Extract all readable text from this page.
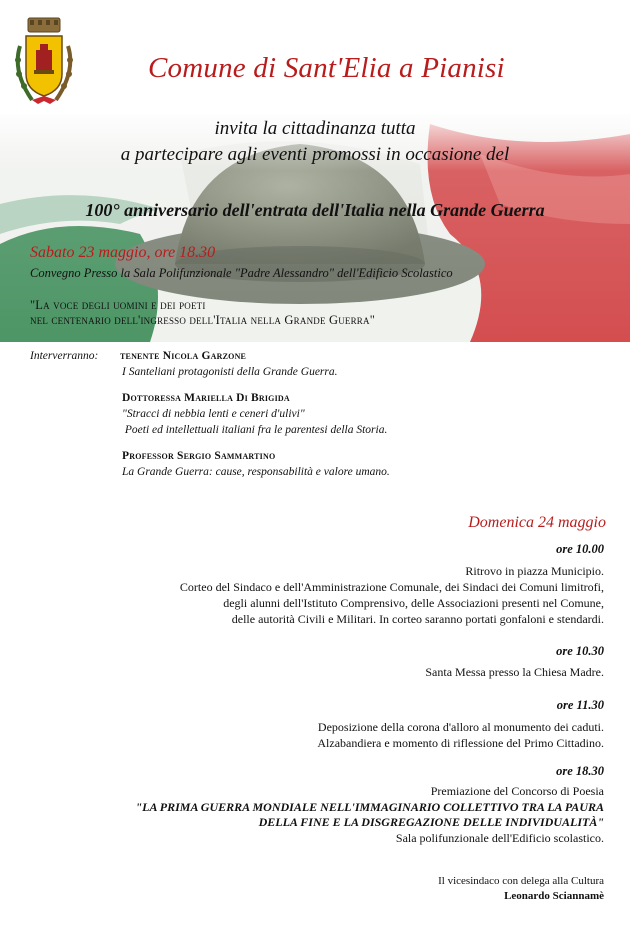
Comune di Sant'Elia a Pianisi
invita la cittadinanza tutta
a partecipare agli eventi promossi in occasione del
100° anniversario dell'entrata dell'Italia nella Grande Guerra
Sabato 23 maggio, ore 18.30
Convegno Presso la Sala Polifunzionale "Padre Alessandro" dell'Edificio Scolastico
"La voce degli uomini e dei poeti
nel centenario dell'ingresso dell'Italia nella Grande Guerra"
Interverranno: tenente Nicola Garzone
I Santeliani protagonisti della Grande Guerra.
Dottoressa Mariella Di Brigida
"Stracci di nebbia lenti e ceneri d'ulivi"
Poeti ed intellettuali italiani fra le parentesi della Storia.
Professor Sergio Sammartino
La Grande Guerra: cause, responsabilità e valore umano.
Domenica 24 maggio
ore 10.00
Ritrovo in piazza Municipio.
Corteo del Sindaco e dell'Amministrazione Comunale, dei Sindaci dei Comuni limitrofi,
degli alunni dell'Istituto Comprensivo, delle Associazioni presenti nel Comune,
delle autorità Civili e Militari. In corteo saranno portati gonfaloni e stendardi.
ore 10.30
Santa Messa presso la Chiesa Madre.
ore 11.30
Deposizione della corona d'alloro al monumento dei caduti.
Alzabandiera e momento di riflessione del Primo Cittadino.
ore 18.30
Premiazione del Concorso di Poesia
"LA PRIMA GUERRA MONDIALE NELL'IMMAGINARIO COLLETTIVO TRA LA PAURA
DELLA FINE E LA DISGREGAZIONE DELLE INDIVIDUALITÀ"
Sala polifunzionale dell'Edificio scolastico.
Il vicesindaco con delega alla Cultura
Leonardo Sciannamè
